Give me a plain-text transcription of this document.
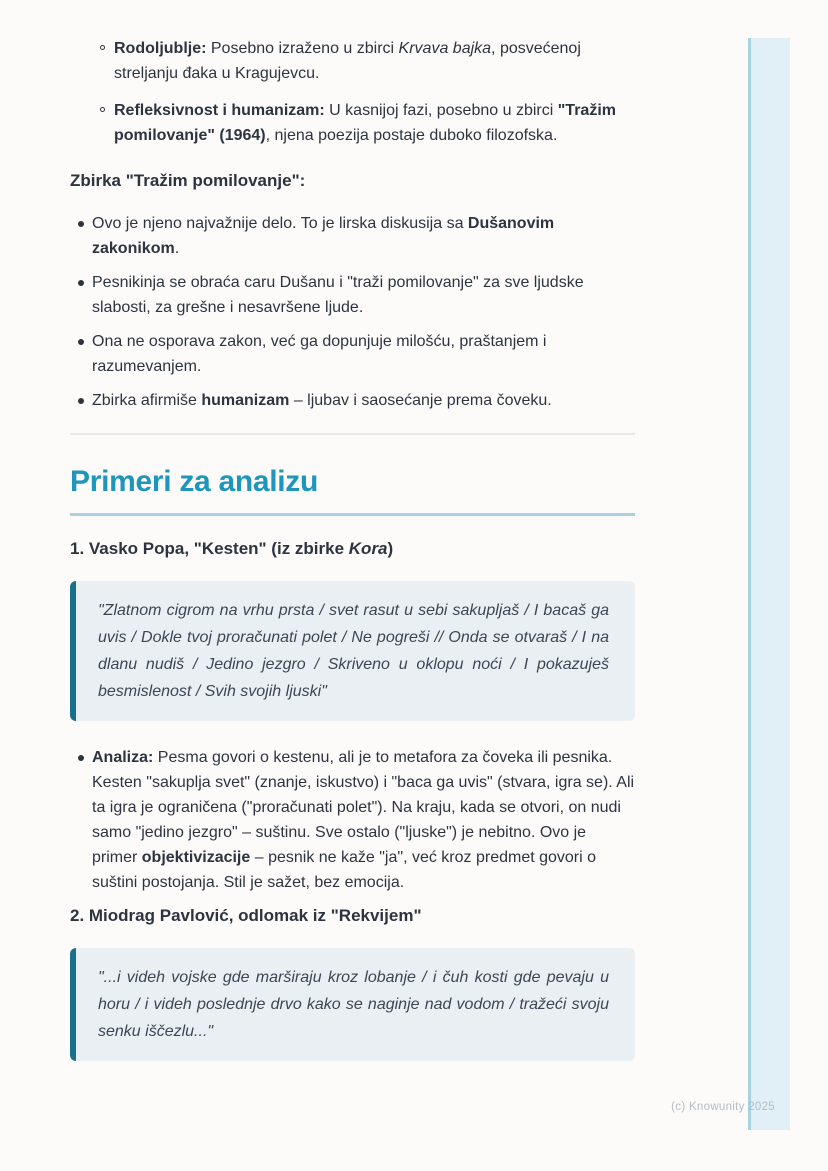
Rodoljublje: Posebno izraženo u zbirci Krvava bajka, posvećenoj streljanju đaka u Kragujevcu.
Refleksivnost i humanizam: U kasnijoj fazi, posebno u zbirci "Tražim pomilovanje" (1964), njena poezija postaje duboko filozofska.

Zbirka "Tražim pomilovanje":

Ovo je njeno najvažnije delo. To je lirska diskusija sa Dušanovim zakonikom.
Pesnikinja se obraća caru Dušanu i "traži pomilovanje" za sve ljudske slabosti, za grešne i nesavršene ljude.
Ona ne osporava zakon, već ga dopunjuje milošću, praštanjem i razumevanjem.
Zbirka afirmiše humanizam – ljubav i saosećanje prema čoveku.
Primeri za analizu

1. Vasko Popa, "Kesten" (iz zbirke Kora)

"Zlatnom cigrom na vrhu prsta / svet rasut u sebi sakupljaš / I bacaš ga uvis / Dokle tvoj proračunati polet / Ne pogreši // Onda se otvaraš / I na dlanu nudiš / Jedino jezgro / Skriveno u oklopu noći / I pokazuješ besmislenost / Svih svojih ljuski"
Analiza: Pesma govori o kestenu, ali je to metafora za čoveka ili pesnika. Kesten "sakuplja svet" (znanje, iskustvo) i "baca ga uvis" (stvara, igra se). Ali ta igra je ograničena ("proračunati polet"). Na kraju, kada se otvori, on nudi samo "jedino jezgro" – suštinu. Sve ostalo ("ljuske") je nebitno. Ovo je primer objektivizacije – pesnik ne kaže "ja", već kroz predmet govori o suštini postojanja. Stil je sažet, bez emocija.

2. Miodrag Pavlović, odlomak iz "Rekvijem"

"...i videh vojske gde marširaju kroz lobanje / i čuh kosti gde pevaju u horu / i videh poslednje drvo kako se naginje nad vodom / tražeći svoju senku iščezlu..."
(c) Knowunity 2025
